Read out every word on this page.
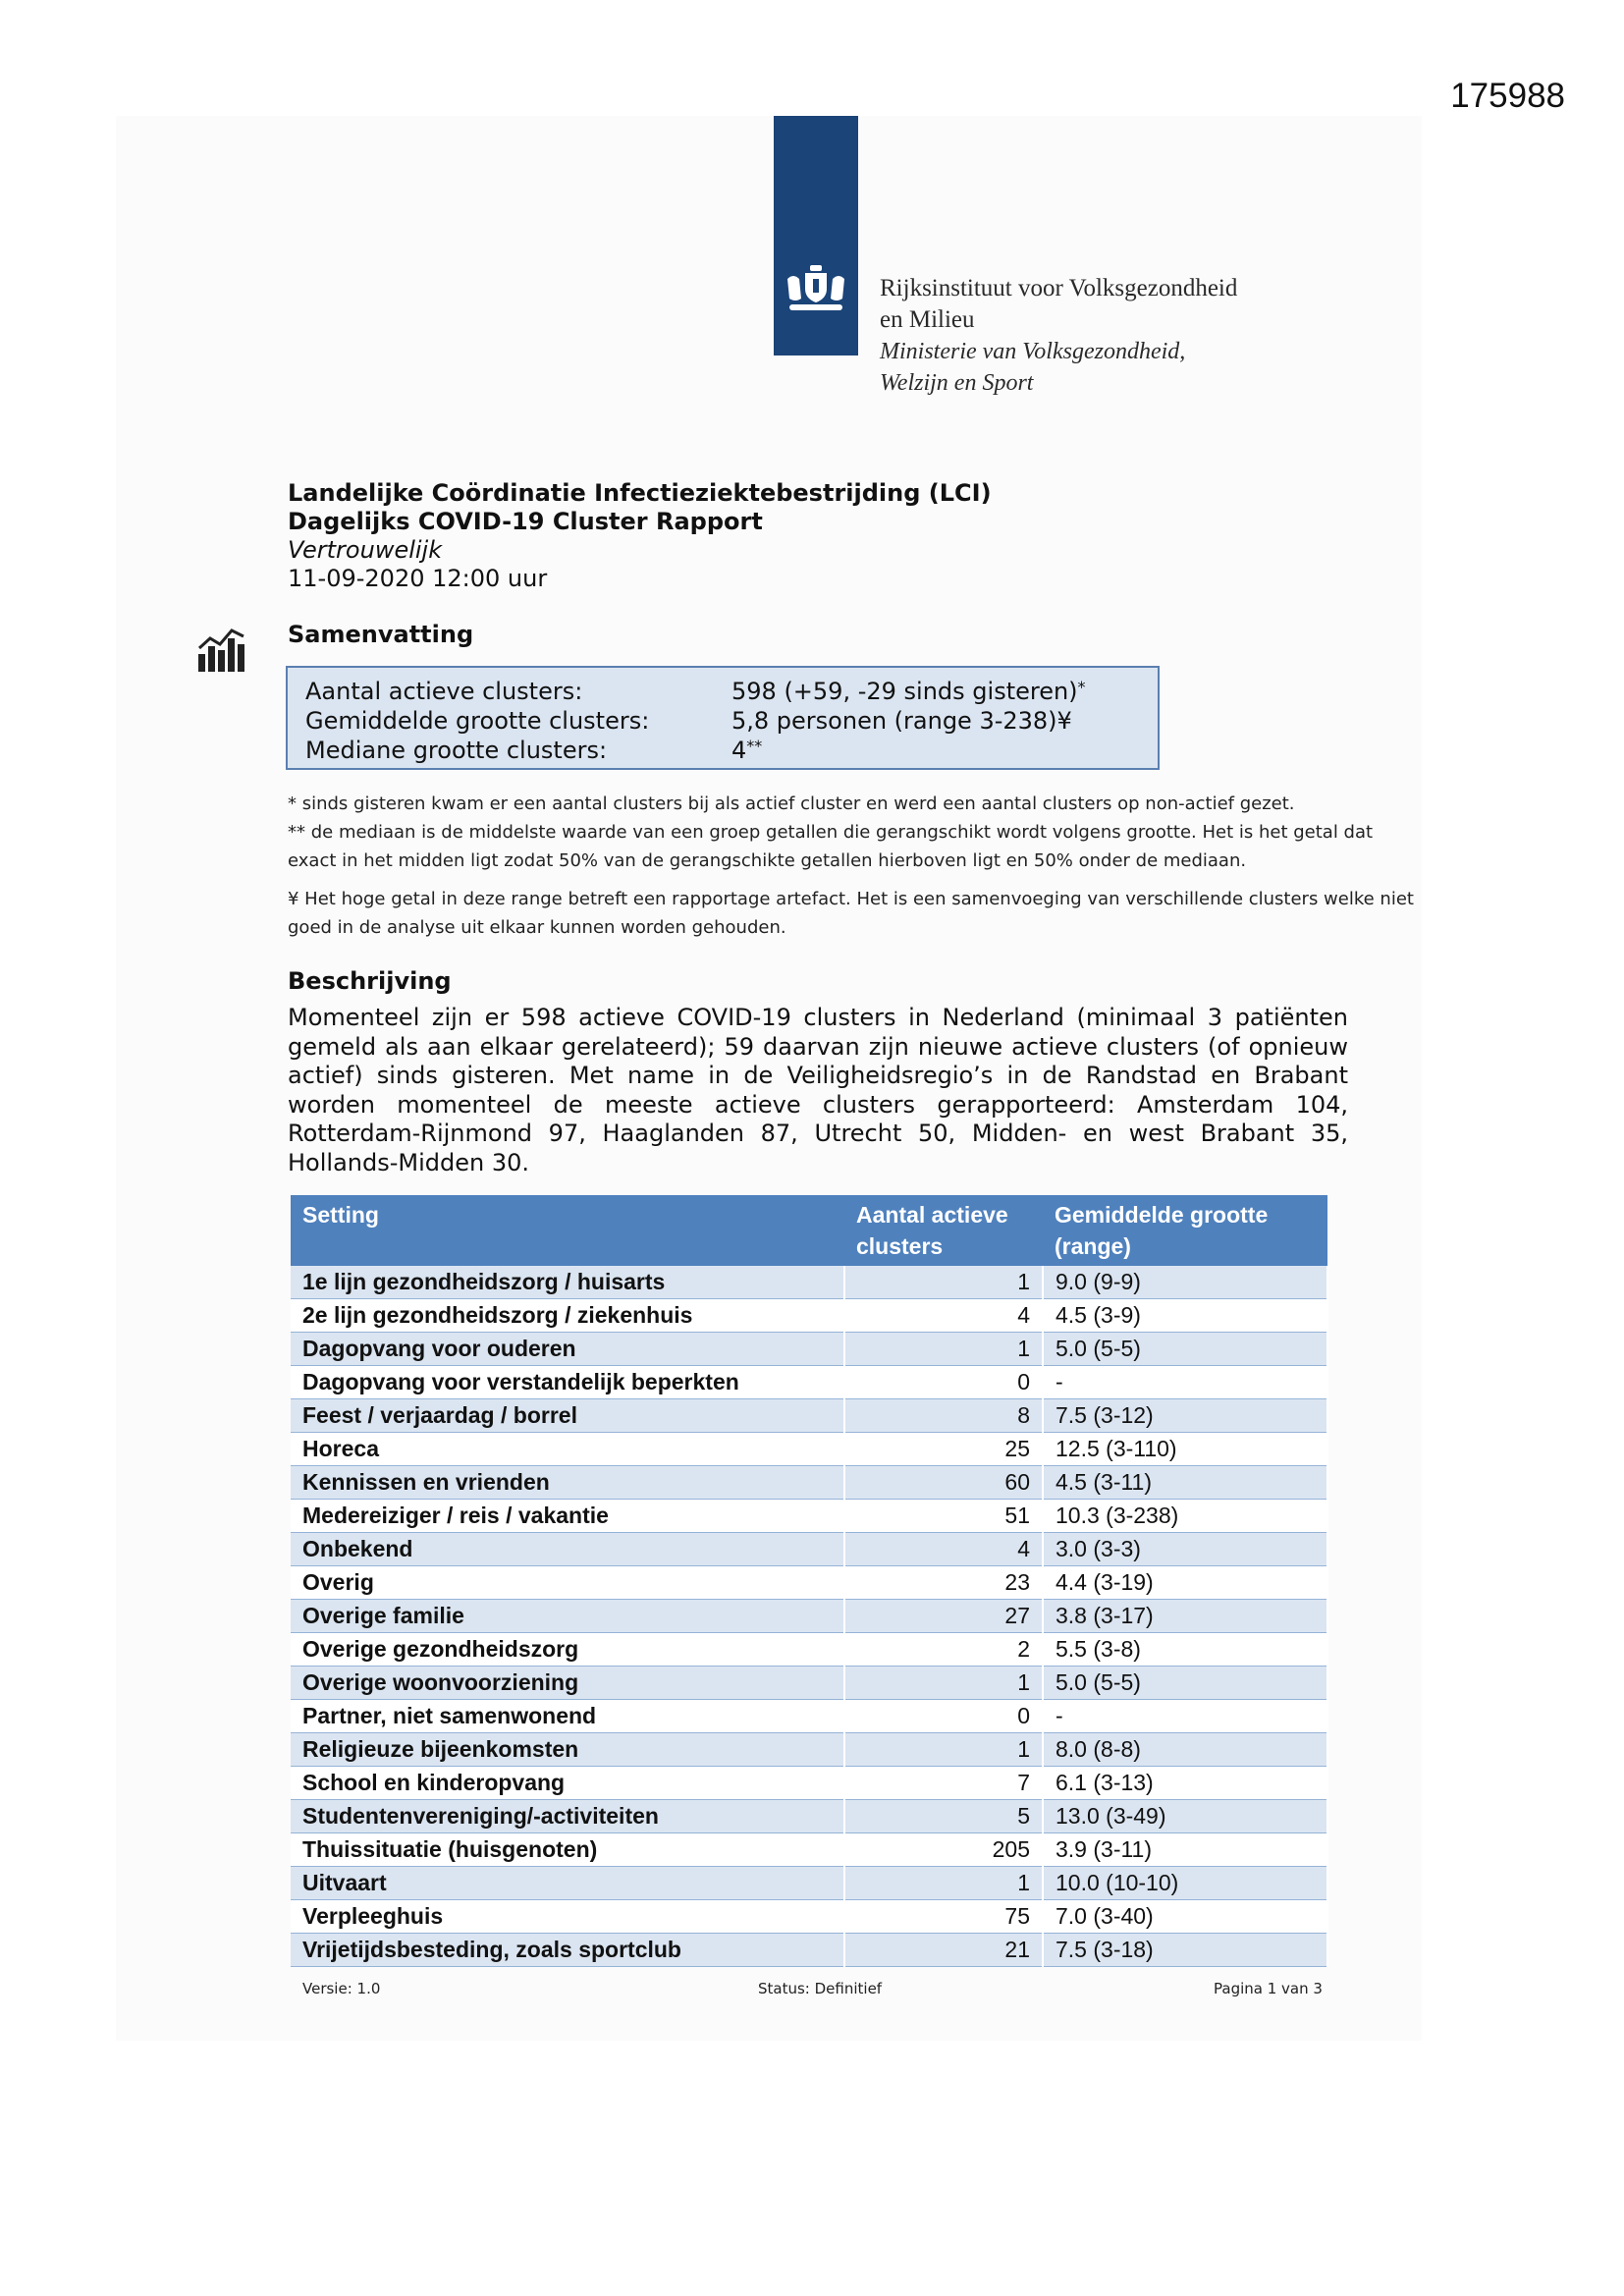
175988
Rijksinstituut voor Volksgezondheid
en Milieu
Ministerie van Volksgezondheid,
Welzijn en Sport
Landelijke Coördinatie Infectieziektebestrijding (LCI)
Dagelijks COVID-19 Cluster Rapport
Vertrouwelijk
11-09-2020 12:00 uur
Samenvatting
Aantal actieve clusters:	598 (+59, -29 sinds gisteren)*
Gemiddelde grootte clusters:	5,8 personen (range 3-238)¥
Mediane grootte clusters:	4**
* sinds gisteren kwam er een aantal clusters bij als actief cluster en werd een aantal clusters op non-actief gezet.
** de mediaan is de middelste waarde van een groep getallen die gerangschikt wordt volgens grootte. Het is het getal dat exact in het midden ligt zodat 50% van de gerangschikte getallen hierboven ligt en 50% onder de mediaan.
¥ Het hoge getal in deze range betreft een rapportage artefact. Het is een samenvoeging van verschillende clusters welke niet goed in de analyse uit elkaar kunnen worden gehouden.
Beschrijving
Momenteel zijn er 598 actieve COVID-19 clusters in Nederland (minimaal 3 patiënten gemeld als aan elkaar gerelateerd); 59 daarvan zijn nieuwe actieve clusters (of opnieuw actief) sinds gisteren. Met name in de Veiligheidsregio’s in de Randstad en Brabant worden momenteel de meeste actieve clusters gerapporteerd: Amsterdam 104, Rotterdam-Rijnmond 97, Haaglanden 87, Utrecht 50, Midden- en west Brabant 35, Hollands-Midden 30.
Setting	Aantal actieve clusters	Gemiddelde grootte (range)
1e lijn gezondheidszorg / huisarts	1	9.0 (9-9)
2e lijn gezondheidszorg / ziekenhuis	4	4.5 (3-9)
Dagopvang voor ouderen	1	5.0 (5-5)
Dagopvang voor verstandelijk beperkten	0	-
Feest / verjaardag / borrel	8	7.5 (3-12)
Horeca	25	12.5 (3-110)
Kennissen en vrienden	60	4.5 (3-11)
Medereiziger / reis / vakantie	51	10.3 (3-238)
Onbekend	4	3.0 (3-3)
Overig	23	4.4 (3-19)
Overige familie	27	3.8 (3-17)
Overige gezondheidszorg	2	5.5 (3-8)
Overige woonvoorziening	1	5.0 (5-5)
Partner, niet samenwonend	0	-
Religieuze bijeenkomsten	1	8.0 (8-8)
School en kinderopvang	7	6.1 (3-13)
Studentenvereniging/-activiteiten	5	13.0 (3-49)
Thuissituatie (huisgenoten)	205	3.9 (3-11)
Uitvaart	1	10.0 (10-10)
Verpleeghuis	75	7.0 (3-40)
Vrijetijdsbesteding, zoals sportclub	21	7.5 (3-18)
Versie: 1.0	Status: Definitief	Pagina 1 van 3
